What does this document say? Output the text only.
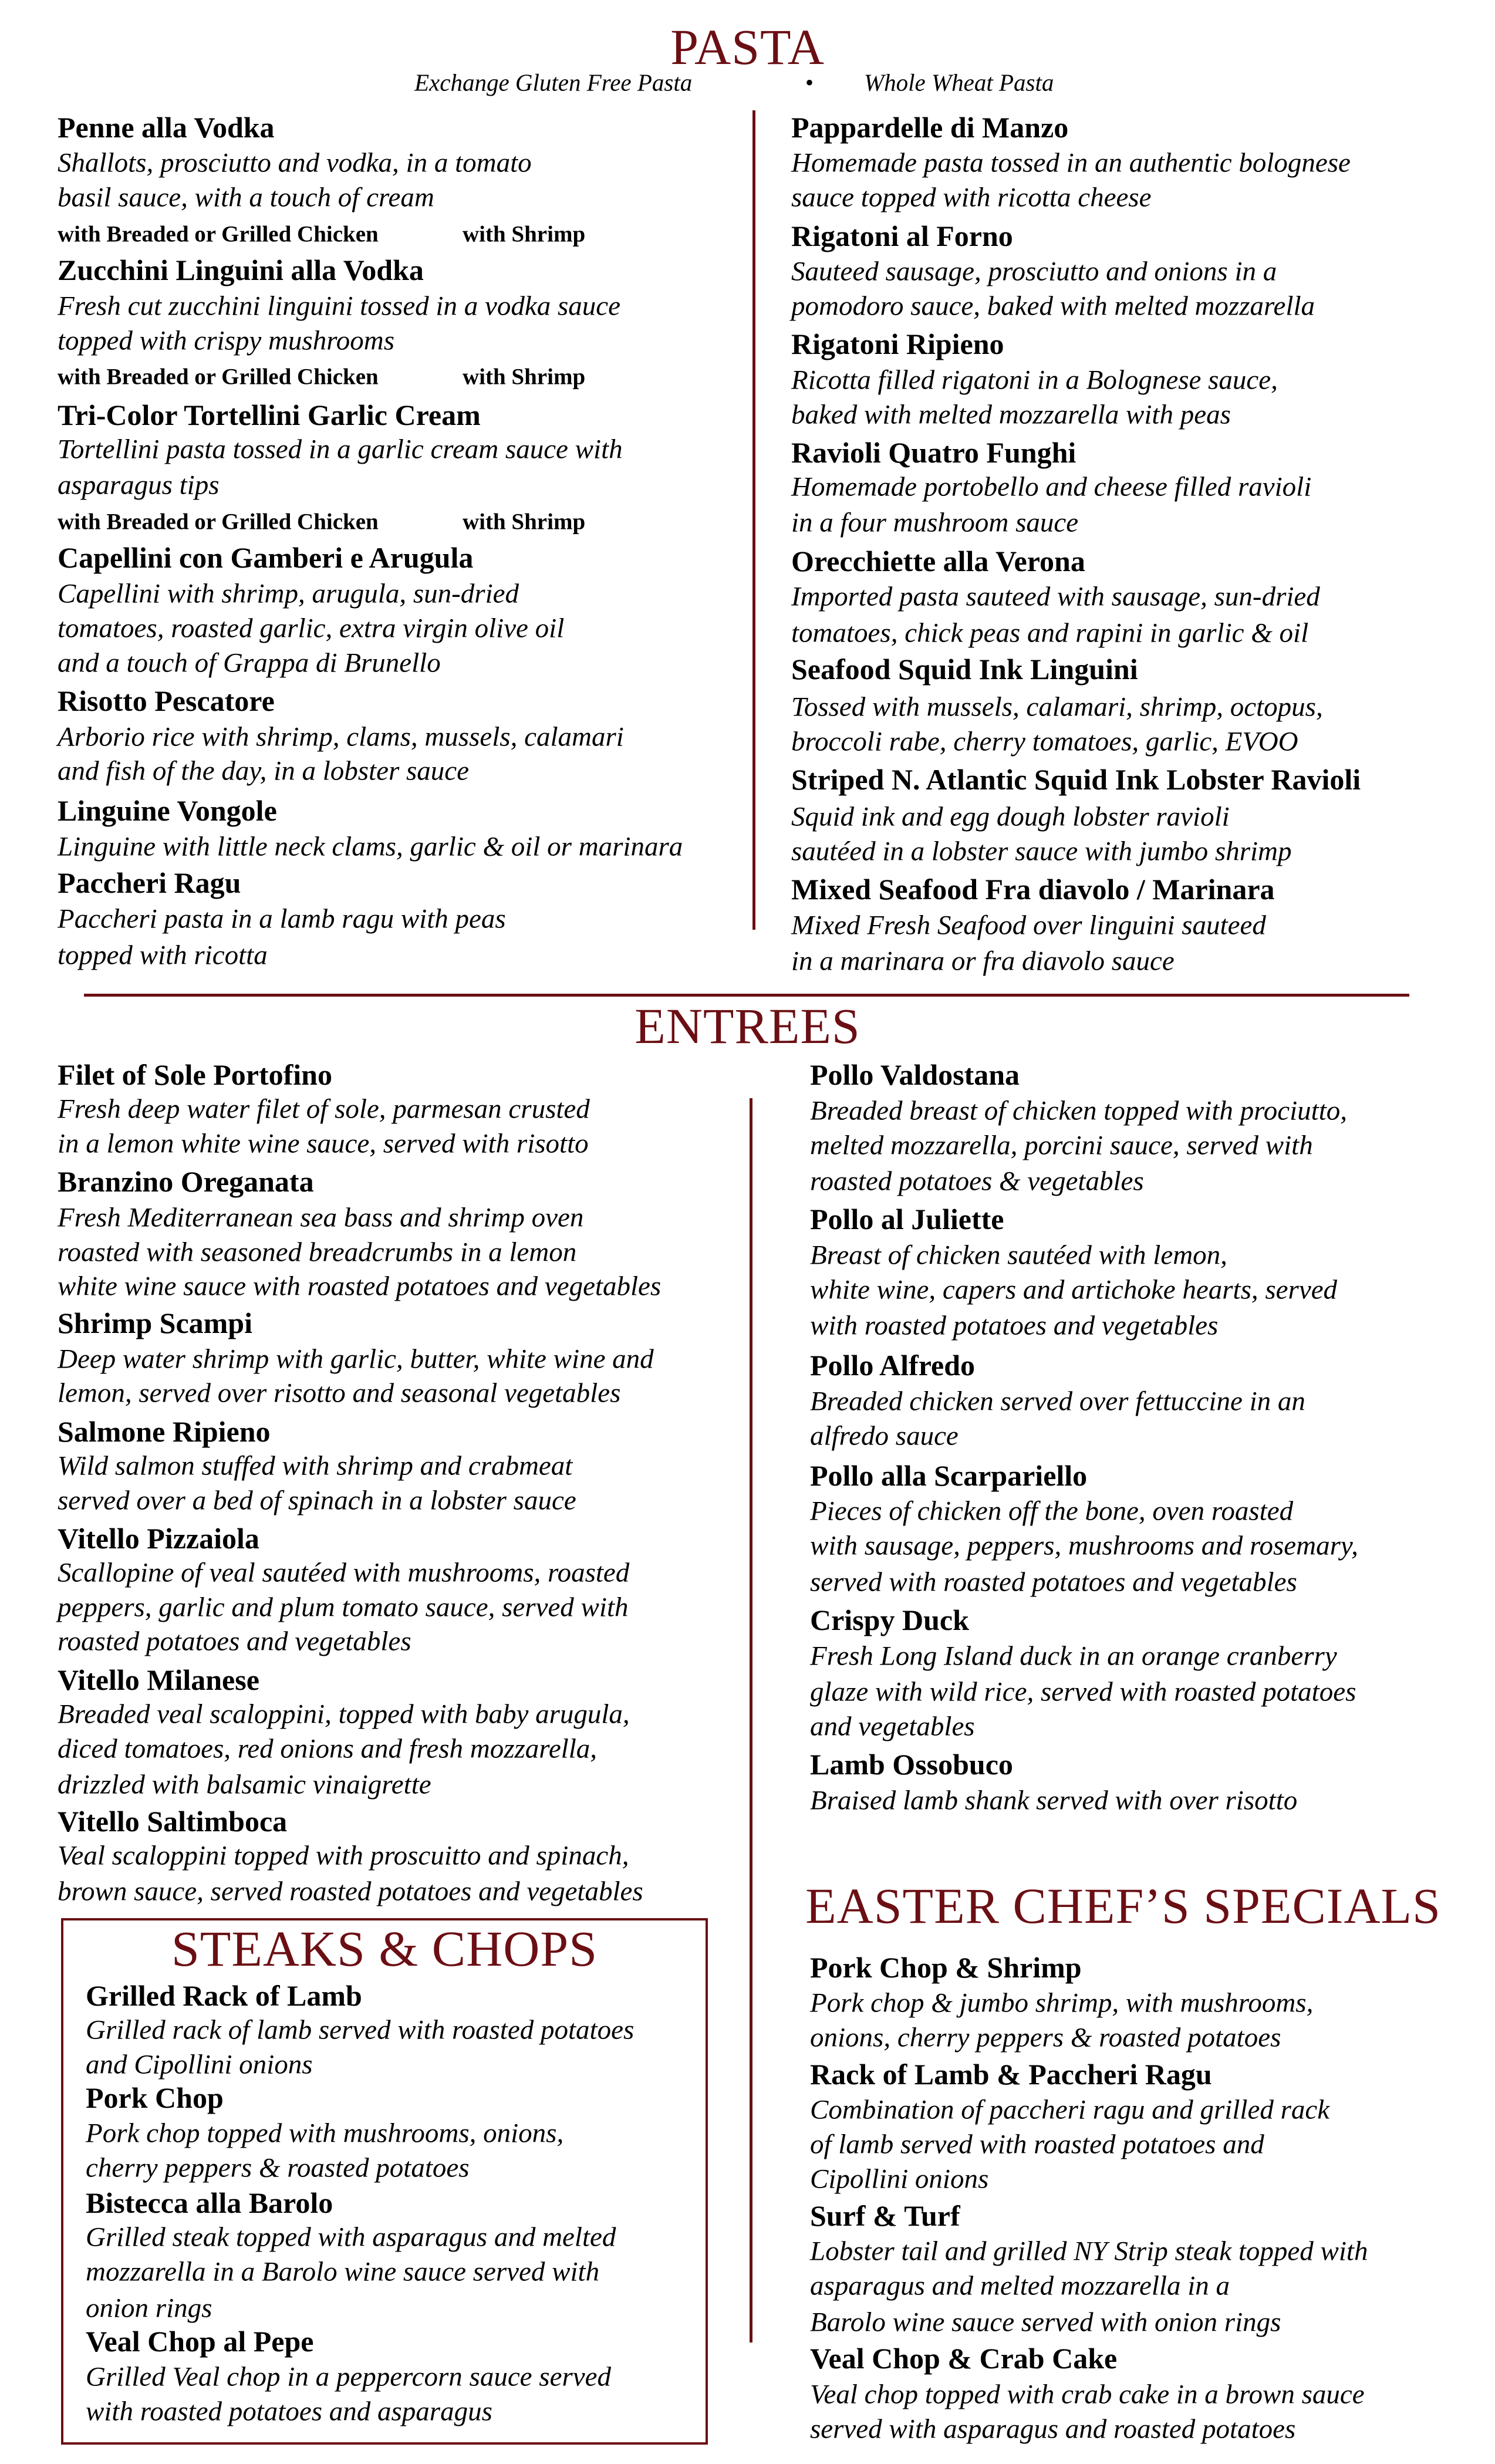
PASTA
Exchange Gluten Free Pasta	• Whole Wheat Pasta
ENTREES
STEAKS & CHOPS
EASTER CHEF’S SPECIALS
Penne alla Vodka
Shallots, prosciutto and vodka, in a tomato
basil sauce, with a touch of cream
with Breaded or Grilled Chicken	with Shrimp
Zucchini Linguini alla Vodka
Fresh cut zucchini linguini tossed in a vodka sauce
topped with crispy mushrooms
with Breaded or Grilled Chicken	with Shrimp
Tri-Color Tortellini Garlic Cream
Tortellini pasta tossed in a garlic cream sauce with
asparagus tips
with Breaded or Grilled Chicken	with Shrimp
Capellini con Gamberi e Arugula
Capellini with shrimp, arugula, sun-dried
tomatoes, roasted garlic, extra virgin olive oil
and a touch of Grappa di Brunello
Risotto Pescatore
Arborio rice with shrimp, clams, mussels, calamari
and fish of the day, in a lobster sauce
Linguine Vongole
Linguine with little neck clams, garlic & oil or marinara
Paccheri Ragu
Paccheri pasta in a lamb ragu with peas
topped with ricotta
Pappardelle di Manzo
Homemade pasta tossed in an authentic bolognese
sauce topped with ricotta cheese
Rigatoni al Forno
Sauteed sausage, prosciutto and onions in a
pomodoro sauce, baked with melted mozzarella
Rigatoni Ripieno
Ricotta filled rigatoni in a Bolognese sauce,
baked with melted mozzarella with peas
Ravioli Quatro Funghi
Homemade portobello and cheese filled ravioli
in a four mushroom sauce
Orecchiette alla Verona
Imported pasta sauteed with sausage, sun-dried
tomatoes, chick peas and rapini in garlic & oil
Seafood Squid Ink Linguini
Tossed with mussels, calamari, shrimp, octopus,
broccoli rabe, cherry tomatoes, garlic, EVOO
Striped N. Atlantic Squid Ink Lobster Ravioli
Squid ink and egg dough lobster ravioli
sautéed in a lobster sauce with jumbo shrimp
Mixed Seafood Fra diavolo / Marinara
Mixed Fresh Seafood over linguini sauteed
in a marinara or fra diavolo sauce
Filet of Sole Portofino
Fresh deep water filet of sole, parmesan crusted
in a lemon white wine sauce, served with risotto
Branzino Oreganata
Fresh Mediterranean sea bass and shrimp oven
roasted with seasoned breadcrumbs in a lemon
white wine sauce with roasted potatoes and vegetables
Shrimp Scampi
Deep water shrimp with garlic, butter, white wine and
lemon, served over risotto and seasonal vegetables
Salmone Ripieno
Wild salmon stuffed with shrimp and crabmeat
served over a bed of spinach in a lobster sauce
Vitello Pizzaiola
Scallopine of veal sautéed with mushrooms, roasted
peppers, garlic and plum tomato sauce, served with
roasted potatoes and vegetables
Vitello Milanese
Breaded veal scaloppini, topped with baby arugula,
diced tomatoes, red onions and fresh mozzarella,
drizzled with balsamic vinaigrette
Vitello Saltimboca
Veal scaloppini topped with proscuitto and spinach,
brown sauce, served roasted potatoes and vegetables
Pollo Valdostana
Breaded breast of chicken topped with prociutto,
melted mozzarella, porcini sauce, served with
roasted potatoes & vegetables
Pollo al Juliette
Breast of chicken sautéed with lemon,
white wine, capers and artichoke hearts, served
with roasted potatoes and vegetables
Pollo Alfredo
Breaded chicken served over fettuccine in an
alfredo sauce
Pollo alla Scarpariello
Pieces of chicken off the bone, oven roasted
with sausage, peppers, mushrooms and rosemary,
served with roasted potatoes and vegetables
Crispy Duck
Fresh Long Island duck in an orange cranberry
glaze with wild rice, served with roasted potatoes
and vegetables
Lamb Ossobuco
Braised lamb shank served with over risotto
Grilled Rack of Lamb
Grilled rack of lamb served with roasted potatoes
and Cipollini onions
Pork Chop
Pork chop topped with mushrooms, onions,
cherry peppers & roasted potatoes
Bistecca alla Barolo
Grilled steak topped with asparagus and melted
mozzarella in a Barolo wine sauce served with
onion rings
Veal Chop al Pepe
Grilled Veal chop in a peppercorn sauce served
with roasted potatoes and asparagus
Pork Chop & Shrimp
Pork chop & jumbo shrimp, with mushrooms,
onions, cherry peppers & roasted potatoes
Rack of Lamb & Paccheri Ragu
Combination of paccheri ragu and grilled rack
of lamb served with roasted potatoes and
Cipollini onions
Surf & Turf
Lobster tail and grilled NY Strip steak topped with
asparagus and melted mozzarella in a
Barolo wine sauce served with onion rings
Veal Chop & Crab Cake
Veal chop topped with crab cake in a brown sauce
served with asparagus and roasted potatoes
